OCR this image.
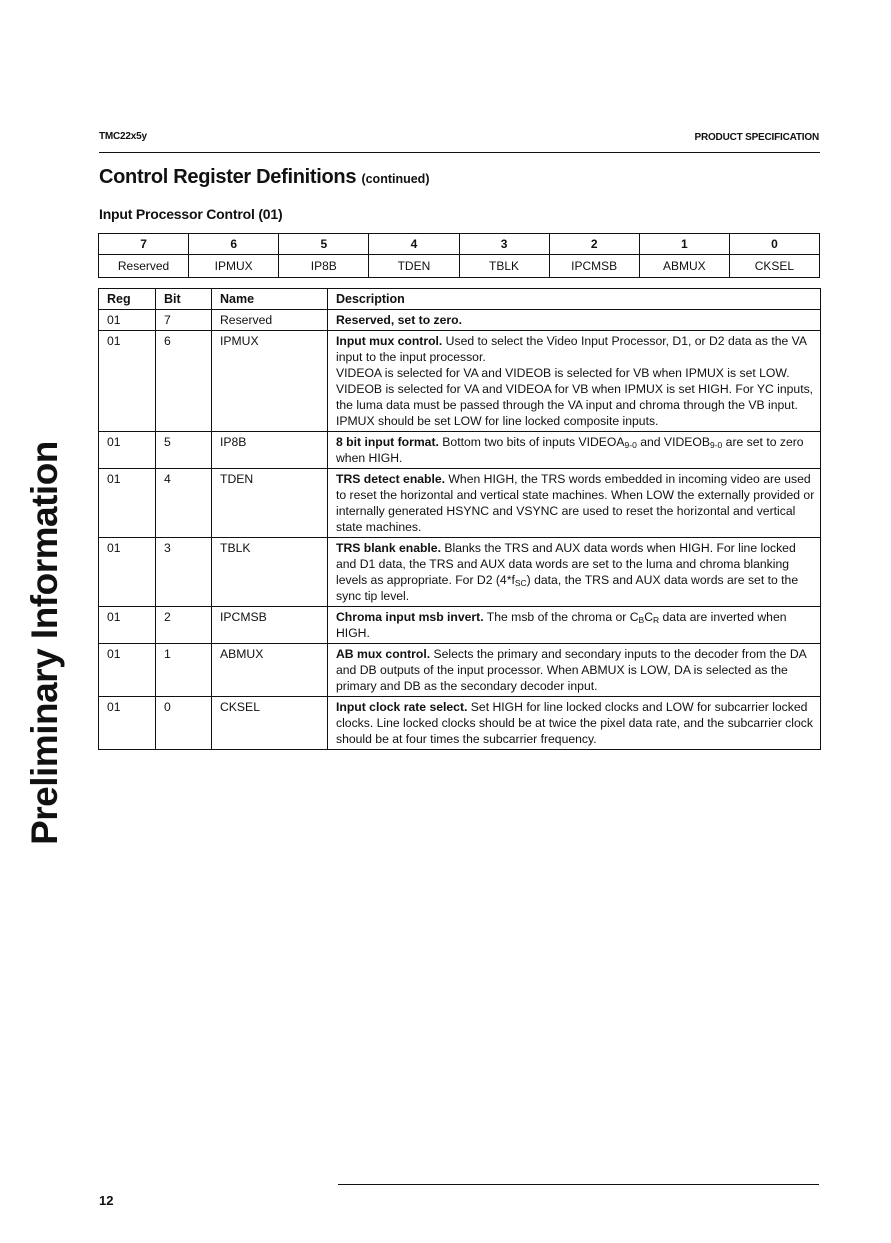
TMC22x5y	PRODUCT SPECIFICATION
Control Register Definitions (continued)
Input Processor Control (01)
7	6	5	4	3	2	1	0
Reserved	IPMUX	IP8B	TDEN	TBLK	IPCMSB	ABMUX	CKSEL
Reg	Bit	Name	Description
01	7	Reserved	Reserved, set to zero.
01	6	IPMUX	Input mux control. Used to select the Video Input Processor, D1, or D2 data as the VA input to the input processor.
VIDEOA is selected for VA and VIDEOB is selected for VB when IPMUX is set LOW. VIDEOB is selected for VA and VIDEOA for VB when IPMUX is set HIGH. For YC inputs, the luma data must be passed through the VA input and chroma through the VB input.
IPMUX should be set LOW for line locked composite inputs.
01	5	IP8B	8 bit input format. Bottom two bits of inputs $VIDEOA_{9-0}$ and $VIDEOB_{9-0}$ are set to zero when HIGH.
01	4	TDEN	TRS detect enable. When HIGH, the TRS words embedded in incoming video are used to reset the horizontal and vertical state machines. When LOW the externally provided or internally generated HSYNC and VSYNC are used to reset the horizontal and vertical state machines.
01	3	TBLK	TRS blank enable. Blanks the TRS and AUX data words when HIGH. For line locked and D1 data, the TRS and AUX data words are set to the luma and chroma blanking levels as appropriate. For D2 $(4*f_{SC})$ data, the TRS and AUX data words are set to the sync tip level.
01	2	IPCMSB	Chroma input msb invert. The msb of the chroma or $C_BC_R$ data are inverted when HIGH.
01	1	ABMUX	AB mux control. Selects the primary and secondary inputs to the decoder from the DA and DB outputs of the input processor. When ABMUX is LOW, DA is selected as the primary and DB as the secondary decoder input.
01	0	CKSEL	Input clock rate select. Set HIGH for line locked clocks and LOW for subcarrier locked clocks. Line locked clocks should be at twice the pixel data rate, and the subcarrier clock should be at four times the subcarrier frequency.
Preliminary Information
12
